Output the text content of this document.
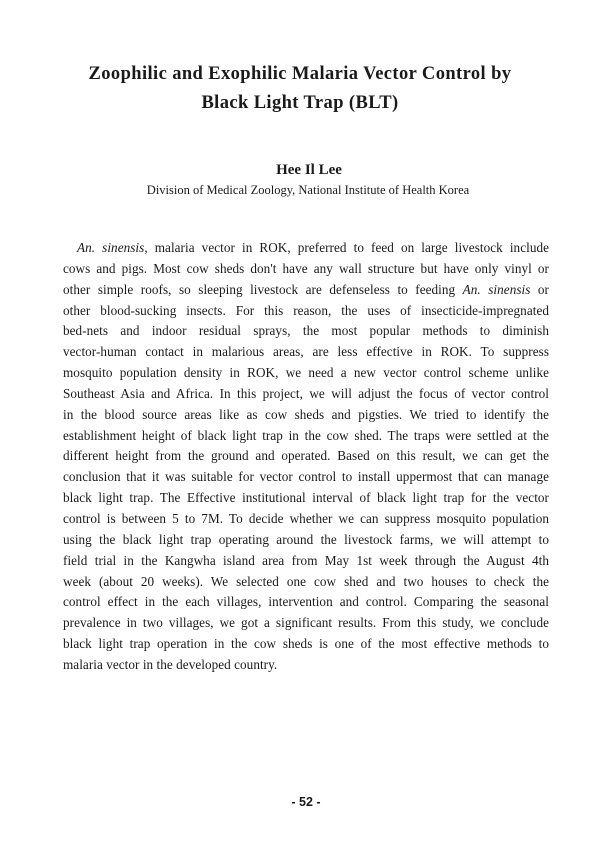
Zoophilic and Exophilic Malaria Vector Control by
Black Light Trap (BLT)
Hee Il Lee
Division of Medical Zoology, National Institute of Health Korea
An. sinensis, malaria vector in ROK, preferred to feed on large livestock include
cows and pigs. Most cow sheds don't have any wall structure but have only vinyl or
other simple roofs, so sleeping livestock are defenseless to feeding An. sinensis or
other blood-sucking insects. For this reason, the uses of insecticide-impregnated
bed-nets and indoor residual sprays, the most popular methods to diminish
vector-human contact in malarious areas, are less effective in ROK. To suppress
mosquito population density in ROK, we need a new vector control scheme unlike
Southeast Asia and Africa. In this project, we will adjust the focus of vector control
in the blood source areas like as cow sheds and pigsties. We tried to identify the
establishment height of black light trap in the cow shed. The traps were settled at the
different height from the ground and operated. Based on this result, we can get the
conclusion that it was suitable for vector control to install uppermost that can manage
black light trap. The Effective institutional interval of black light trap for the vector
control is between 5 to 7M. To decide whether we can suppress mosquito population
using the black light trap operating around the livestock farms, we will attempt to
field trial in the Kangwha island area from May 1st week through the August 4th
week (about 20 weeks). We selected one cow shed and two houses to check the
control effect in the each villages, intervention and control. Comparing the seasonal
prevalence in two villages, we got a significant results. From this study, we conclude
black light trap operation in the cow sheds is one of the most effective methods to
malaria vector in the developed country.
- 52 -
